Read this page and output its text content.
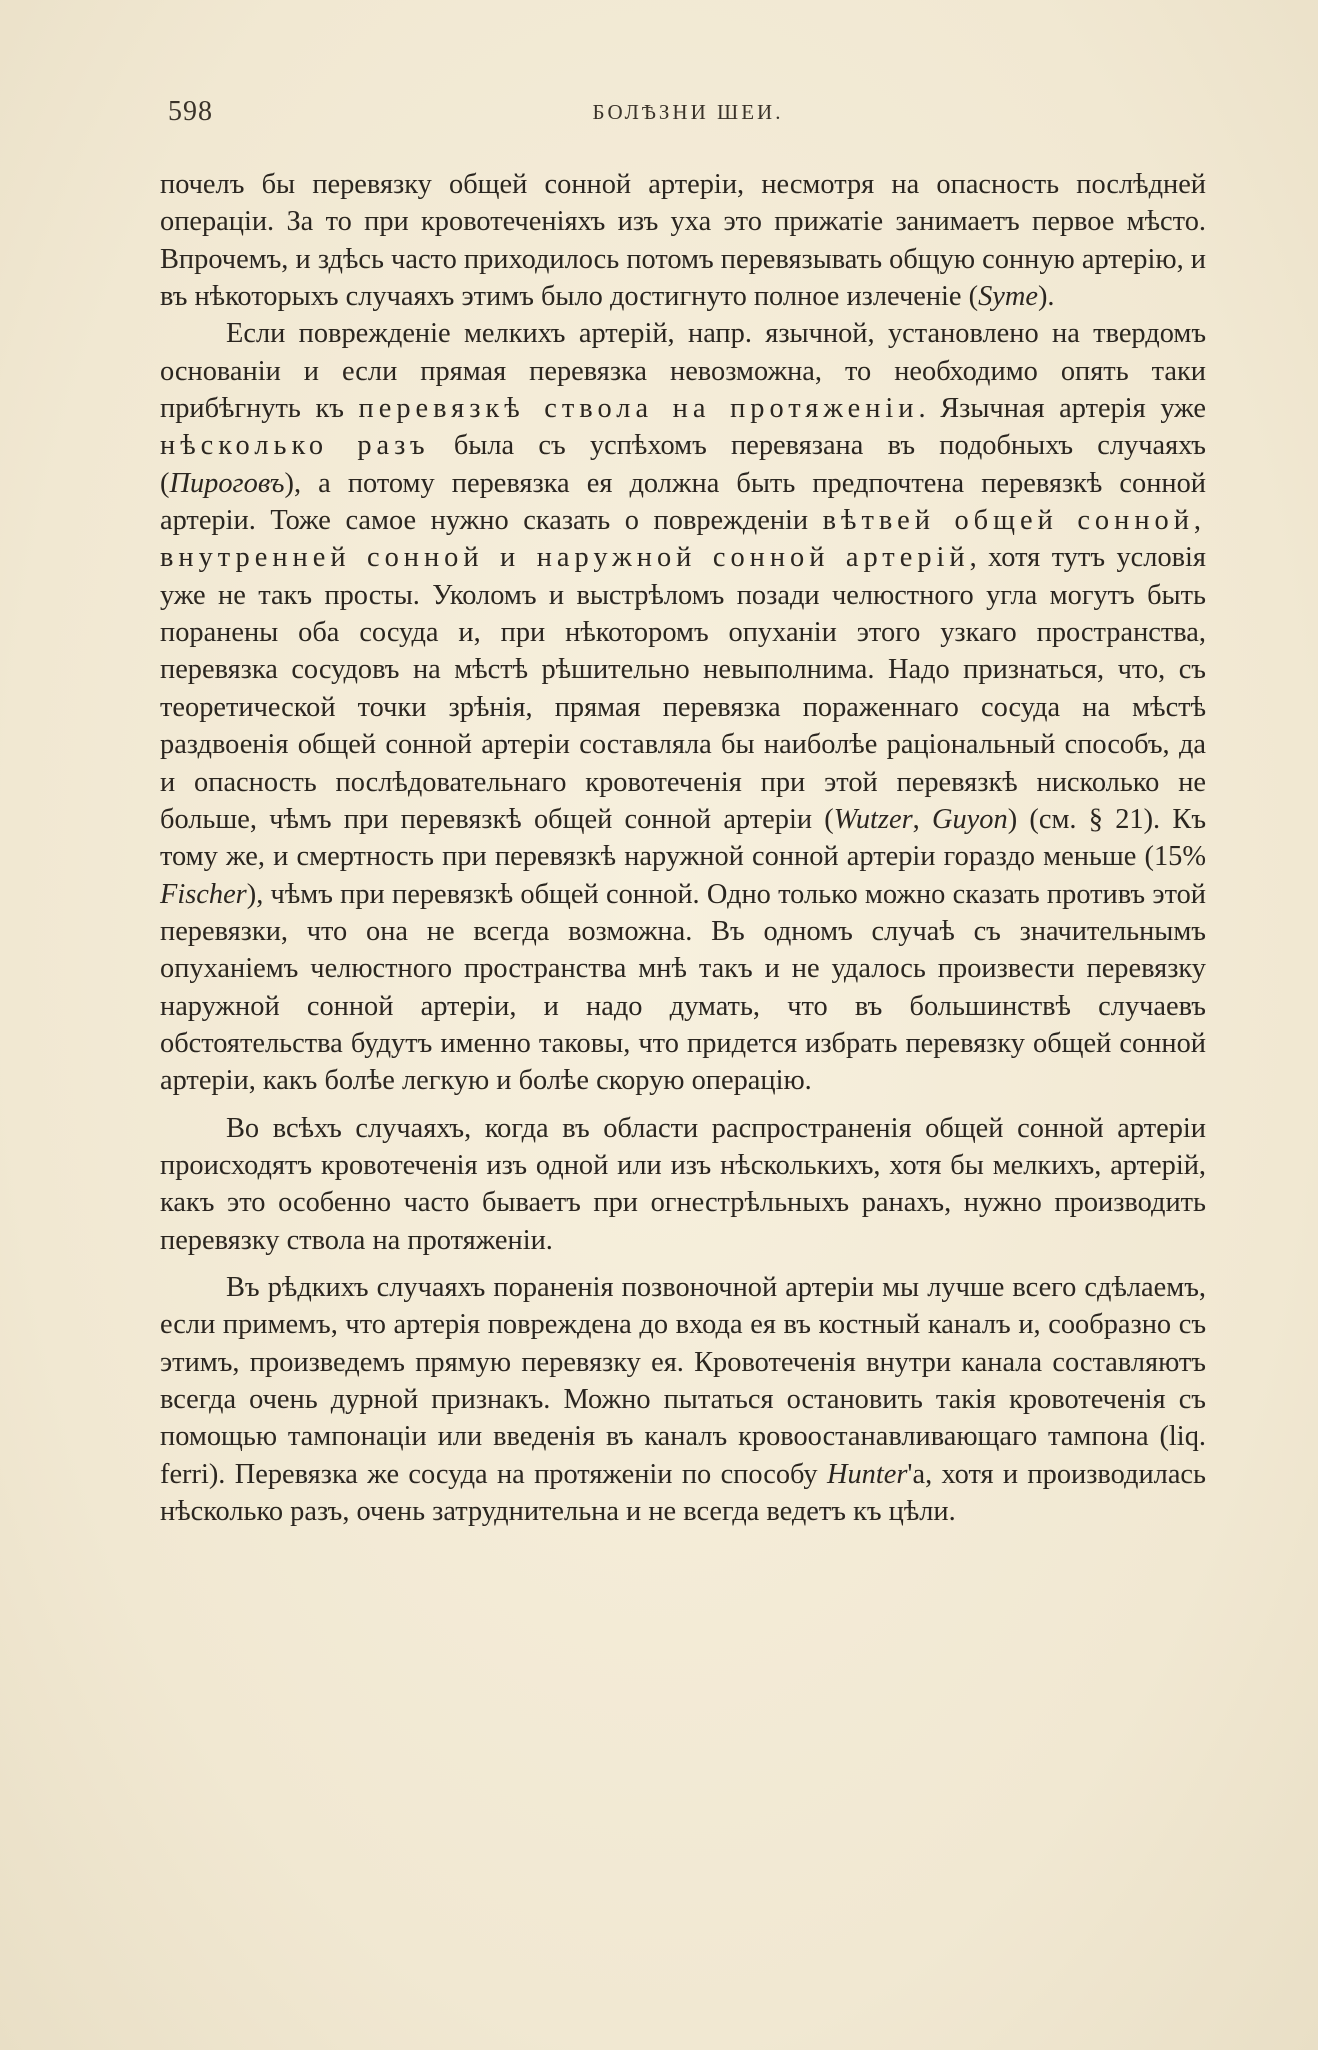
598	БОЛѢЗНИ ШЕИ.

почелъ бы перевязку общей сонной артеріи, несмотря на опасность послѣдней операціи. За то при кровотеченіяхъ изъ уха это прижатіе занимаетъ первое мѣсто. Впрочемъ, и здѣсь часто приходилось потомъ перевязывать общую сонную артерію, и въ нѣкоторыхъ случаяхъ этимъ было достигнуто полное излеченіе (Syme).

Если поврежденіе мелкихъ артерій, напр. язычной, установлено на твердомъ основаніи и если прямая перевязка невозможна, то необходимо опять таки прибѣгнуть къ перевязкѣ ствола на протяженіи. Язычная артерія уже нѣсколько разъ была съ успѣхомъ перевязана въ подобныхъ случаяхъ (Пироговъ), а потому перевязка ея должна быть предпочтена перевязкѣ сонной артеріи. Тоже самое нужно сказать о поврежденіи вѣтвей общей сонной, внутренней сонной и наружной сонной артерій, хотя тутъ условія уже не такъ просты. Уколомъ и выстрѣломъ позади челюстного угла могутъ быть поранены оба сосуда и, при нѣкоторомъ опуханіи этого узкаго пространства, перевязка сосудовъ на мѣстѣ рѣшительно невыполнима. Надо признаться, что, съ теоретической точки зрѣнія, прямая перевязка пораженнаго сосуда на мѣстѣ раздвоенія общей сонной артеріи составляла бы наиболѣе раціональный способъ, да и опасность послѣдовательнаго кровотеченія при этой перевязкѣ нисколько не больше, чѣмъ при перевязкѣ общей сонной артеріи (Wutzer, Guyon) (см. § 21). Къ тому же, и смертность при перевязкѣ наружной сонной артеріи гораздо меньше (15% Fischer), чѣмъ при перевязкѣ общей сонной. Одно только можно сказать противъ этой перевязки, что она не всегда возможна. Въ одномъ случаѣ съ значительнымъ опуханіемъ челюстного пространства мнѣ такъ и не удалось произвести перевязку наружной сонной артеріи, и надо думать, что въ большинствѣ случаевъ обстоятельства будутъ именно таковы, что придется избрать перевязку общей сонной артеріи, какъ болѣе легкую и болѣе скорую операцію.

Во всѣхъ случаяхъ, когда въ области распространенія общей сонной артеріи происходятъ кровотеченія изъ одной или изъ нѣсколькихъ, хотя бы мелкихъ, артерій, какъ это особенно часто бываетъ при огнестрѣльныхъ ранахъ, нужно производить перевязку ствола на протяженіи.

Въ рѣдкихъ случаяхъ пораненія позвоночной артеріи мы лучше всего сдѣлаемъ, если примемъ, что артерія повреждена до входа ея въ костный каналъ и, сообразно съ этимъ, произведемъ прямую перевязку ея. Кровотеченія внутри канала составляютъ всегда очень дурной признакъ. Можно пытаться остановить такія кровотеченія съ помощью тампонаціи или введенія въ каналъ кровоостанавливающаго тампона (liq. ferri). Перевязка же сосуда на протяженіи по способу Hunter'а, хотя и производилась нѣсколько разъ, очень затруднительна и не всегда ведетъ къ цѣли.
